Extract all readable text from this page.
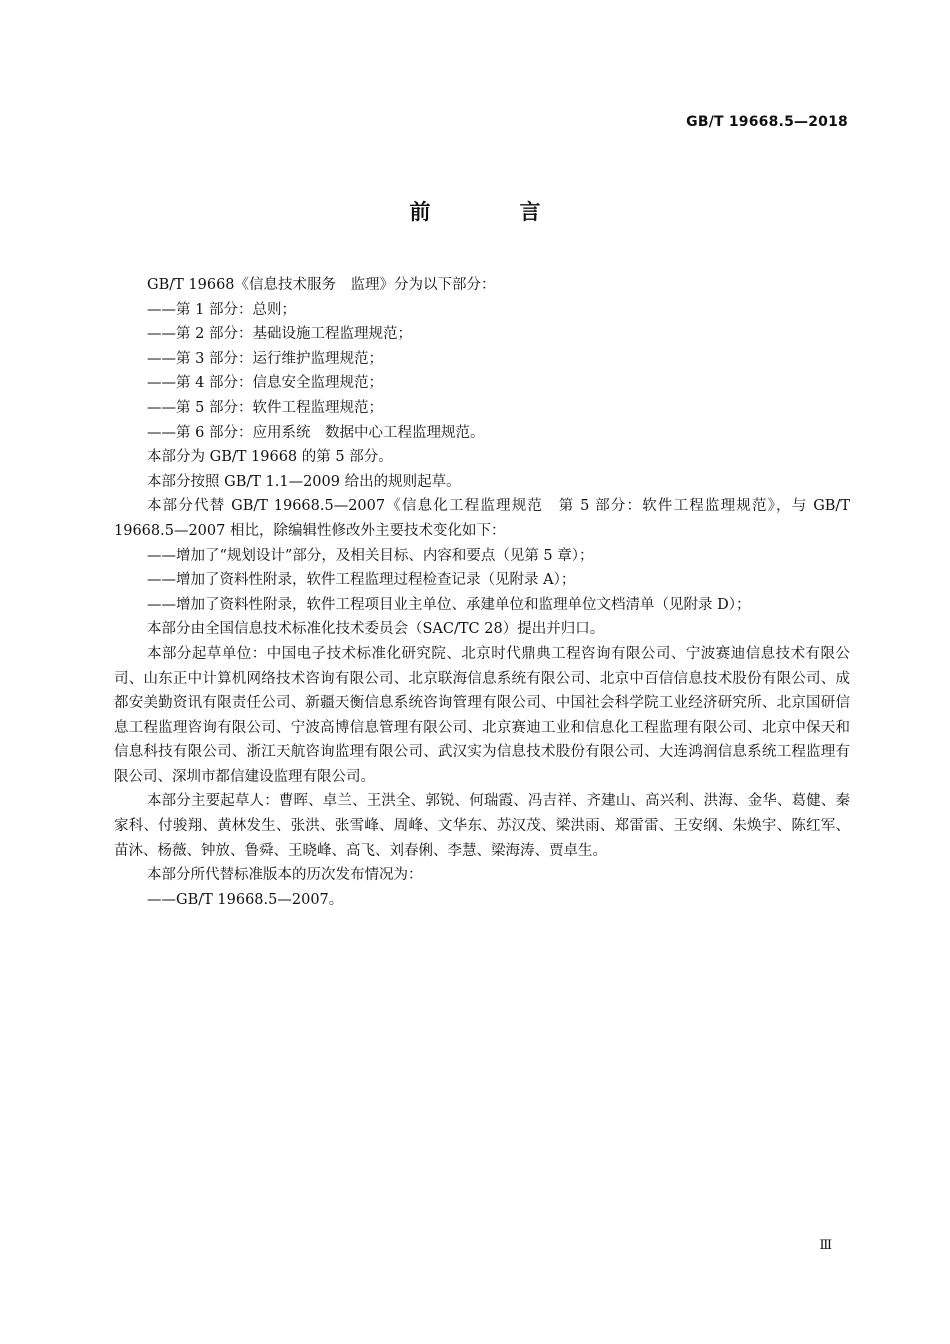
GB/T 19668.5—2018
前　言

GB/T 19668《信息技术服务　监理》分为以下部分：

——第 1 部分：总则；

——第 2 部分：基础设施工程监理规范；

——第 3 部分：运行维护监理规范；

——第 4 部分：信息安全监理规范；

——第 5 部分：软件工程监理规范；

——第 6 部分：应用系统　数据中心工程监理规范。

本部分为 GB/T 19668 的第 5 部分。

本部分按照 GB/T 1.1—2009 给出的规则起草。

本部分代替 GB/T 19668.5—2007《信息化工程监理规范　第 5 部分：软件工程监理规范》，与 GB/T 19668.5—2007 相比，除编辑性修改外主要技术变化如下：

——增加了“规划设计”部分，及相关目标、内容和要点（见第 5 章）；

——增加了资料性附录，软件工程监理过程检查记录（见附录 A）；

——增加了资料性附录，软件工程项目业主单位、承建单位和监理单位文档清单（见附录 D）；

本部分由全国信息技术标准化技术委员会（SAC/TC 28）提出并归口。

本部分起草单位：中国电子技术标准化研究院、北京时代鼎典工程咨询有限公司、宁波赛迪信息技术有限公司、山东正中计算机网络技术咨询有限公司、北京联海信息系统有限公司、北京中百信信息技术股份有限公司、成都安美勤资讯有限责任公司、新疆天衡信息系统咨询管理有限公司、中国社会科学院工业经济研究所、北京国研信息工程监理咨询有限公司、宁波高博信息管理有限公司、北京赛迪工业和信息化工程监理有限公司、北京中保天和信息科技有限公司、浙江天航咨询监理有限公司、武汉实为信息技术股份有限公司、大连鸿润信息系统工程监理有限公司、深圳市都信建设监理有限公司。

本部分主要起草人：曹晖、卓兰、王洪全、郭锐、何瑞霞、冯吉祥、齐建山、高兴利、洪海、金华、葛健、秦家科、付骏翔、黄林发生、张洪、张雪峰、周峰、文华东、苏汉茂、梁洪雨、郑雷雷、王安纲、朱焕宇、陈红军、苗沐、杨薇、钟放、鲁舜、王晓峰、高飞、刘春俐、李慧、梁海涛、贾卓生。

本部分所代替标准版本的历次发布情况为：

——GB/T 19668.5—2007。

Ⅲ
